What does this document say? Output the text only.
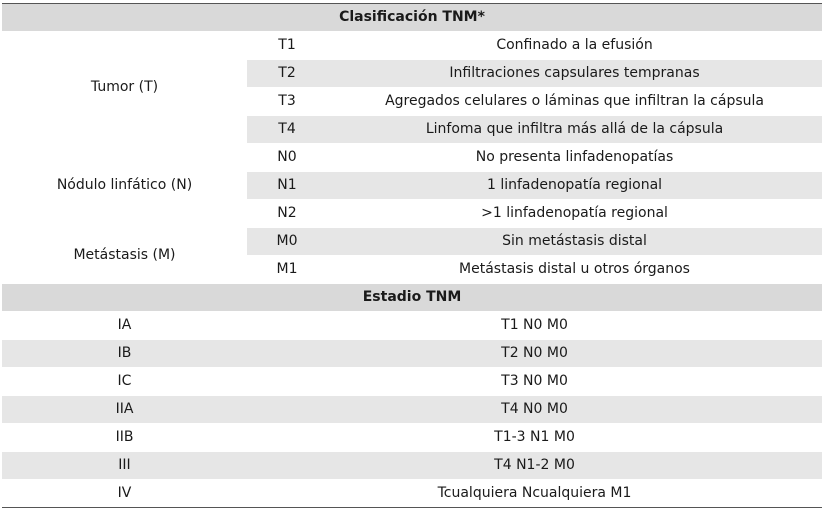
Clasificación TNM*		
Tumor (T)	T1	Confinado a la efusión
	T2	Infiltraciones capsulares tempranas
	T3	Agregados celulares o láminas que infiltran la cápsula
	T4	Linfoma que infiltra más allá de la cápsula
Nódulo linfático (N)	N0	No presenta linfadenopatías
	N1	1 linfadenopatía regional
	N2	>1 linfadenopatía regional
Metástasis (M)	M0	Sin metástasis distal
	M1	Metástasis distal u otros órganos
Estadio TNM		
IA	T1 N0 M0	
IB	T2 N0 M0	
IC	T3 N0 M0	
IIA	T4 N0 M0	
IIB	T1-3 N1 M0	
III	T4 N1-2 M0	
IV	Tcualquiera Ncualquiera M1	
